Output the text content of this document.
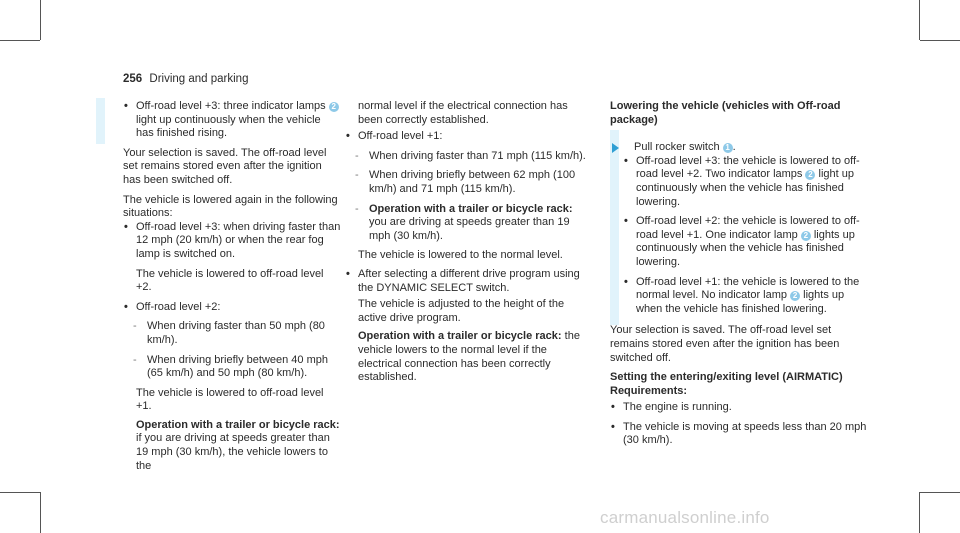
256 Driving and parking

• Off-road level +3: three indicator lamps 2 light up continuously when the vehicle has finished rising.

Your selection is saved. The off-road level set remains stored even after the ignition has been switched off.

The vehicle is lowered again in the following situations:

• Off-road level +3: when driving faster than 12 mph (20 km/h) or when the rear fog lamp is switched on.

The vehicle is lowered to off-road level +2.

• Off-road level +2:

- When driving faster than 50 mph (80 km/h).

- When driving briefly between 40 mph (65 km/h) and 50 mph (80 km/h).

The vehicle is lowered to off-road level +1.

Operation with a trailer or bicycle rack: if you are driving at speeds greater than 19 mph (30 km/h), the vehicle lowers to the

normal level if the electrical connection has been correctly established.

• Off-road level +1:

- When driving faster than 71 mph (115 km/h).

- When driving briefly between 62 mph (100 km/h) and 71 mph (115 km/h).

- Operation with a trailer or bicycle rack: you are driving at speeds greater than 19 mph (30 km/h).

The vehicle is lowered to the normal level.

• After selecting a different drive program using the DYNAMIC SELECT switch.

The vehicle is adjusted to the height of the active drive program.

Operation with a trailer or bicycle rack: the vehicle lowers to the normal level if the electrical connection has been correctly established.

Lowering the vehicle (vehicles with Off-road package)

Pull rocker switch 1 .

• Off-road level +3: the vehicle is lowered to off-road level +2. Two indicator lamps 2 light up continuously when the vehicle has finished lowering.

• Off-road level +2: the vehicle is lowered to off-road level +1. One indicator lamp 2 lights up continuously when the vehicle has finished lowering.

• Off-road level +1: the vehicle is lowered to the normal level. No indicator lamp 2 lights up when the vehicle has finished lowering.

Your selection is saved. The off-road level set remains stored even after the ignition has been switched off.

Setting the entering/exiting level (AIRMATIC)

Requirements:

• The engine is running.

• The vehicle is moving at speeds less than 20 mph (30 km/h).

carmanualsonline.info
